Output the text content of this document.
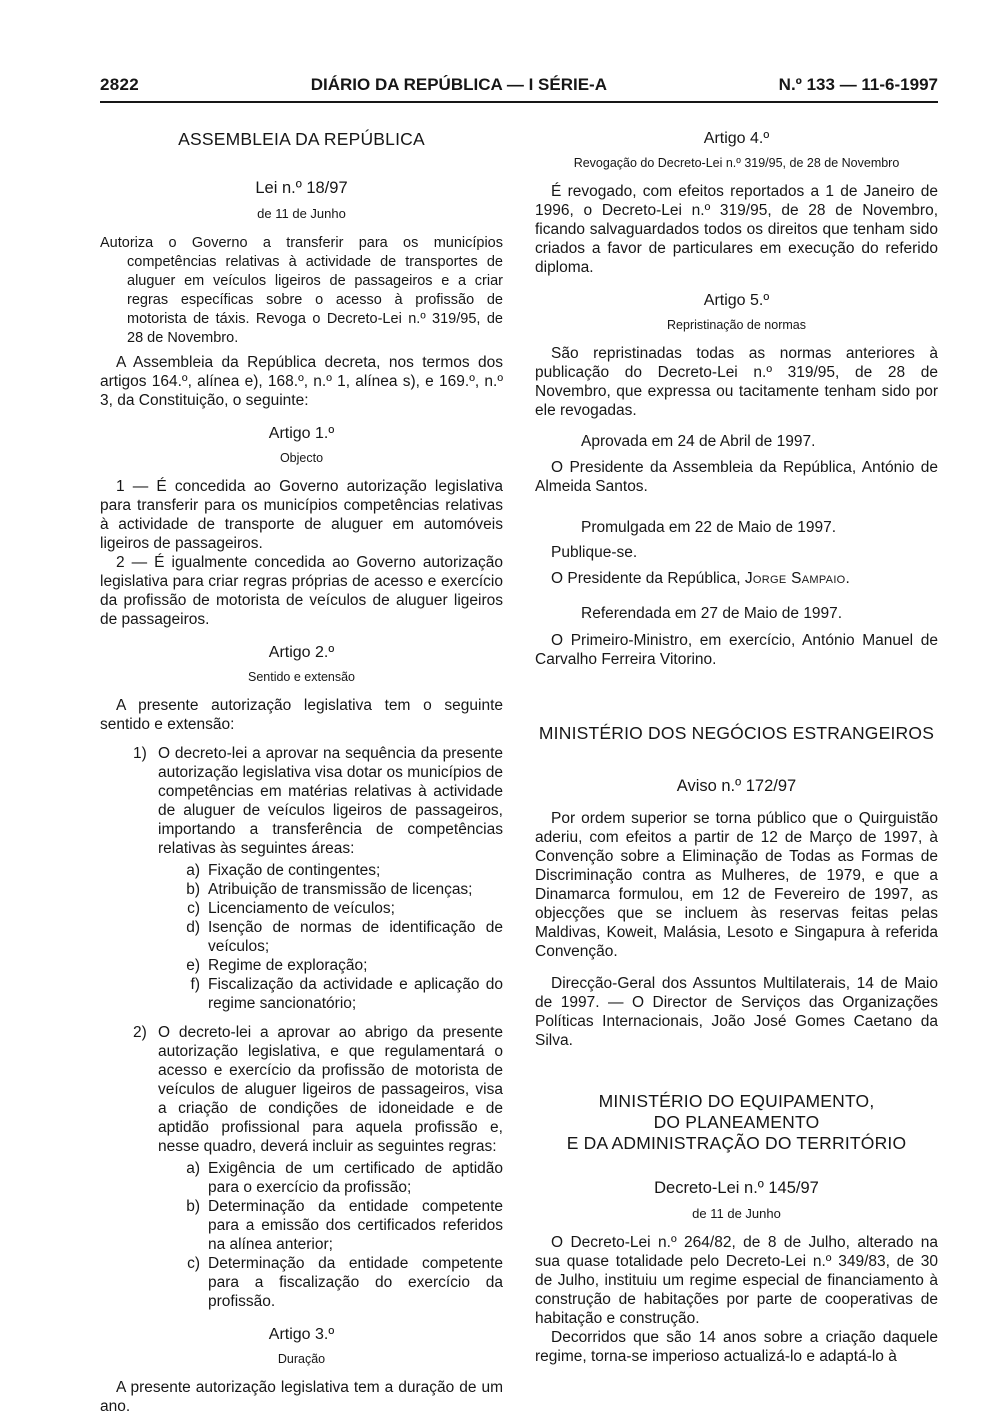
2822	DIÁRIO DA REPÚBLICA — I SÉRIE-A	N.º 133 — 11-6-1997
ASSEMBLEIA DA REPÚBLICA
Lei n.º 18/97
de 11 de Junho

Autoriza o Governo a transferir para os municípios competências relativas à actividade de transportes de aluguer em veículos ligeiros de passageiros e a criar regras específicas sobre o acesso à profissão de motorista de táxis. Revoga o Decreto-Lei n.º 319/95, de 28 de Novembro.

A Assembleia da República decreta, nos termos dos artigos 164.º, alínea e), 168.º, n.º 1, alínea s), e 169.º, n.º 3, da Constituição, o seguinte:

Artigo 1.º
Objecto

1 — É concedida ao Governo autorização legislativa para transferir para os municípios competências relativas à actividade de transporte de aluguer em automóveis ligeiros de passageiros.

2 — É igualmente concedida ao Governo autorização legislativa para criar regras próprias de acesso e exercício da profissão de motorista de veículos de aluguer ligeiros de passageiros.

Artigo 2.º
Sentido e extensão

A presente autorização legislativa tem o seguinte sentido e extensão:

1) O decreto-lei a aprovar na sequência da presente autorização legislativa visa dotar os municípios de competências em matérias relativas à actividade de aluguer de veículos ligeiros de passageiros, importando a transferência de competências relativas às seguintes áreas:
a) Fixação de contingentes;
b) Atribuição de transmissão de licenças;
c) Licenciamento de veículos;
d) Isenção de normas de identificação de veículos;
e) Regime de exploração;
f) Fiscalização da actividade e aplicação do regime sancionatório;
2) O decreto-lei a aprovar ao abrigo da presente autorização legislativa, e que regulamentará o acesso e exercício da profissão de motorista de veículos de aluguer ligeiros de passageiros, visa a criação de condições de idoneidade e de aptidão profissional para aquela profissão e, nesse quadro, deverá incluir as seguintes regras:
a) Exigência de um certificado de aptidão para o exercício da profissão;
b) Determinação da entidade competente para a emissão dos certificados referidos na alínea anterior;
c) Determinação da entidade competente para a fiscalização do exercício da profissão.
Artigo 3.º
Duração

A presente autorização legislativa tem a duração de um ano.

Artigo 4.º
Revogação do Decreto-Lei n.º 319/95, de 28 de Novembro

É revogado, com efeitos reportados a 1 de Janeiro de 1996, o Decreto-Lei n.º 319/95, de 28 de Novembro, ficando salvaguardados todos os direitos que tenham sido criados a favor de particulares em execução do referido diploma.

Artigo 5.º
Repristinação de normas

São repristinadas todas as normas anteriores à publicação do Decreto-Lei n.º 319/95, de 28 de Novembro, que expressa ou tacitamente tenham sido por ele revogadas.

Aprovada em 24 de Abril de 1997.

O Presidente da Assembleia da República, António de Almeida Santos.

Promulgada em 22 de Maio de 1997.

Publique-se.

O Presidente da República, Jorge Sampaio.

Referendada em 27 de Maio de 1997.

O Primeiro-Ministro, em exercício, António Manuel de Carvalho Ferreira Vitorino.

MINISTÉRIO DOS NEGÓCIOS ESTRANGEIROS
Aviso n.º 172/97

Por ordem superior se torna público que o Quirguistão aderiu, com efeitos a partir de 12 de Março de 1997, à Convenção sobre a Eliminação de Todas as Formas de Discriminação contra as Mulheres, de 1979, e que a Dinamarca formulou, em 12 de Fevereiro de 1997, as objecções que se incluem às reservas feitas pelas Maldivas, Koweit, Malásia, Lesoto e Singapura à referida Convenção.

Direcção-Geral dos Assuntos Multilaterais, 14 de Maio de 1997. — O Director de Serviços das Organizações Políticas Internacionais, João José Gomes Caetano da Silva.

MINISTÉRIO DO EQUIPAMENTO,
DO PLANEAMENTO
E DA ADMINISTRAÇÃO DO TERRITÓRIO
Decreto-Lei n.º 145/97
de 11 de Junho

O Decreto-Lei n.º 264/82, de 8 de Julho, alterado na sua quase totalidade pelo Decreto-Lei n.º 349/83, de 30 de Julho, instituiu um regime especial de financiamento à construção de habitações por parte de cooperativas de habitação e construção.

Decorridos que são 14 anos sobre a criação daquele regime, torna-se imperioso actualizá-lo e adaptá-lo à
